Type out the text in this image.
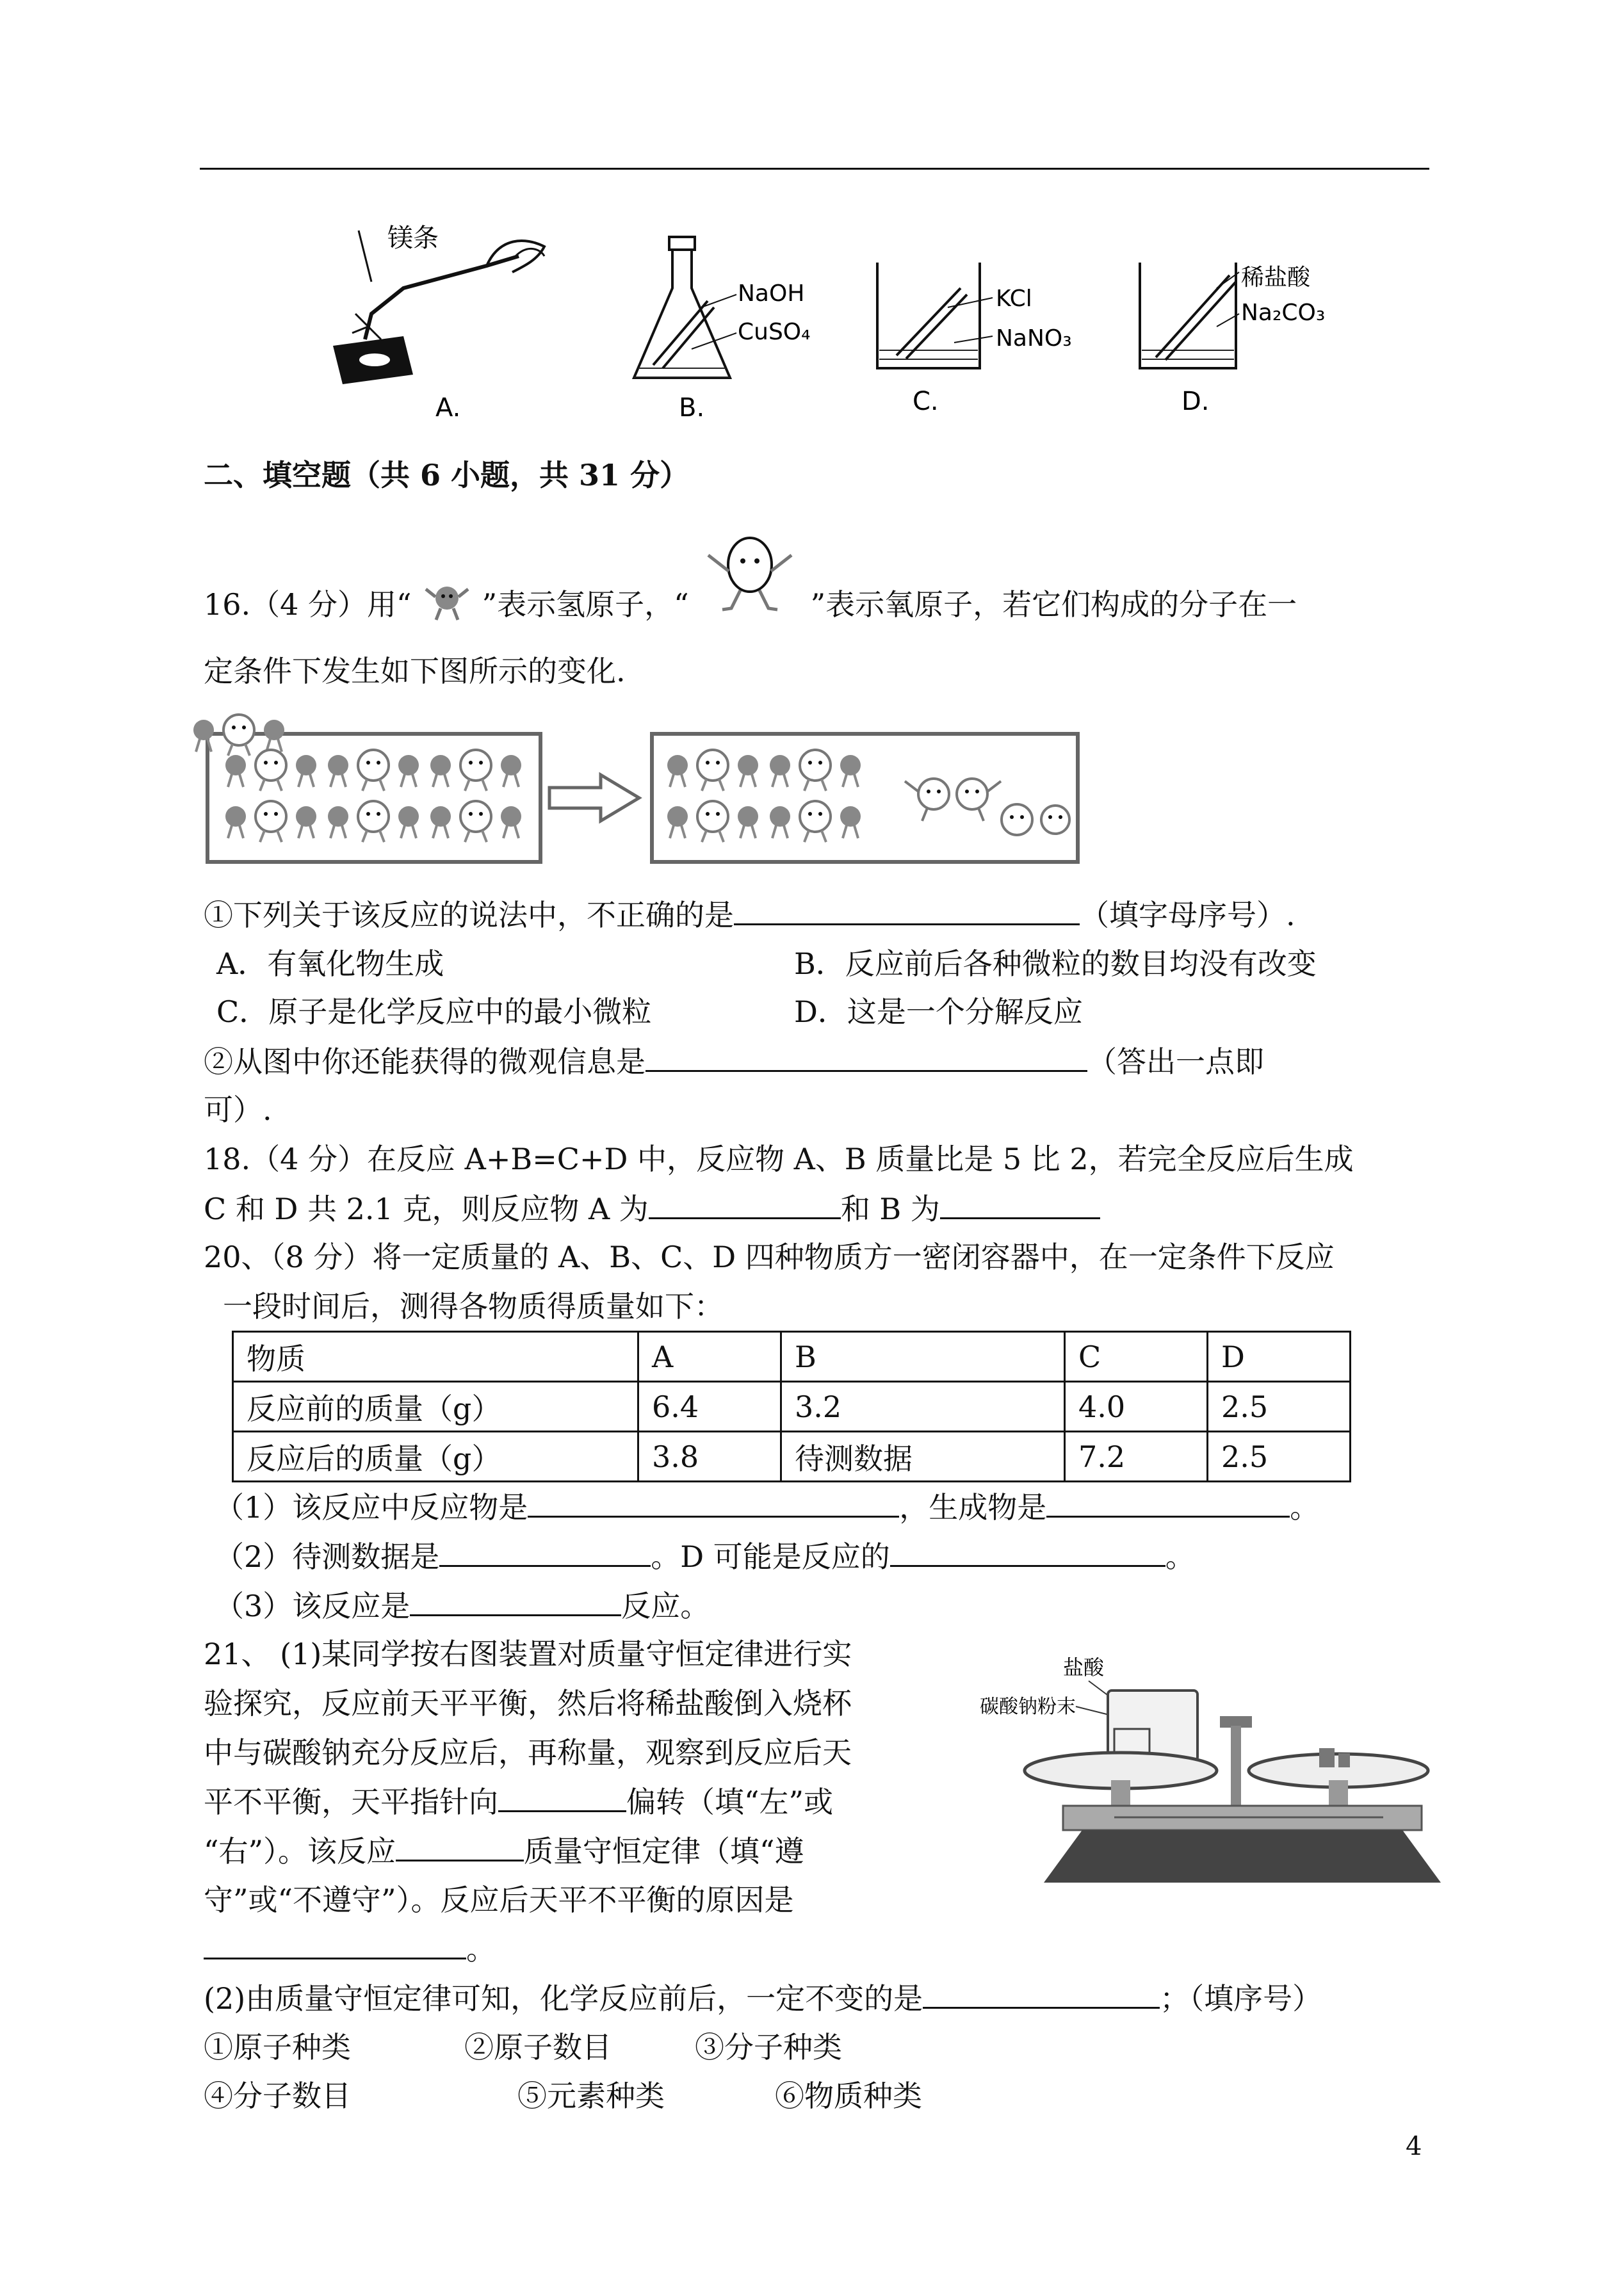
镁条
A.
NaOH
CuSO₄
B.
KCl
NaNO₃
C.
稀盐酸
Na₂CO₃
D.
二、填空题（共 6 小题，共 31 分）
16.（4 分）用“ ”表示氢原子，“	”表示氧原子，若它们构成的分子在一
定条件下发生如下图所示的变化.
①下列关于该反应的说法中，不正确的是	（填字母序号）.
A．有氧化物生成	B．反应前后各种微粒的数目均没有改变
C．原子是化学反应中的最小微粒	D．这是一个分解反应
②从图中你还能获得的微观信息是	（答出一点即
可）.
18.（4 分）在反应 A+B=C+D 中，反应物 A、B 质量比是 5 比 2，若完全反应后生成
C 和 D 共 2.1 克，则反应物 A 为	和 B 为
20、（8 分）将一定质量的 A、B、C、D 四种物质方一密闭容器中，在一定条件下反应
一段时间后，测得各物质得质量如下：
物质	A	B	C	D
反应前的质量（g）	6.4	3.2	4.0	2.5
反应后的质量（g）	3.8	待测数据	7.2	2.5
（1）该反应中反应物是	，生成物是	。
（2）待测数据是	。D 可能是反应的	。
（3）该反应是	反应。
21、 (1)某同学按右图装置对质量守恒定律进行实
验探究，反应前天平平衡，然后将稀盐酸倒入烧杯
中与碳酸钠充分反应后，再称量，观察到反应后天
平不平衡，天平指针向	偏转（填“左”或
“右”）。该反应	质量守恒定律（填“遵
守”或“不遵守”）。反应后天平不平衡的原因是
。
盐酸
碳酸钠粉末
(2)由质量守恒定律可知，化学反应前后，一定不变的是	；（填序号）
①原子种类	②原子数目	③分子种类
④分子数目	⑤元素种类	⑥物质种类
4
